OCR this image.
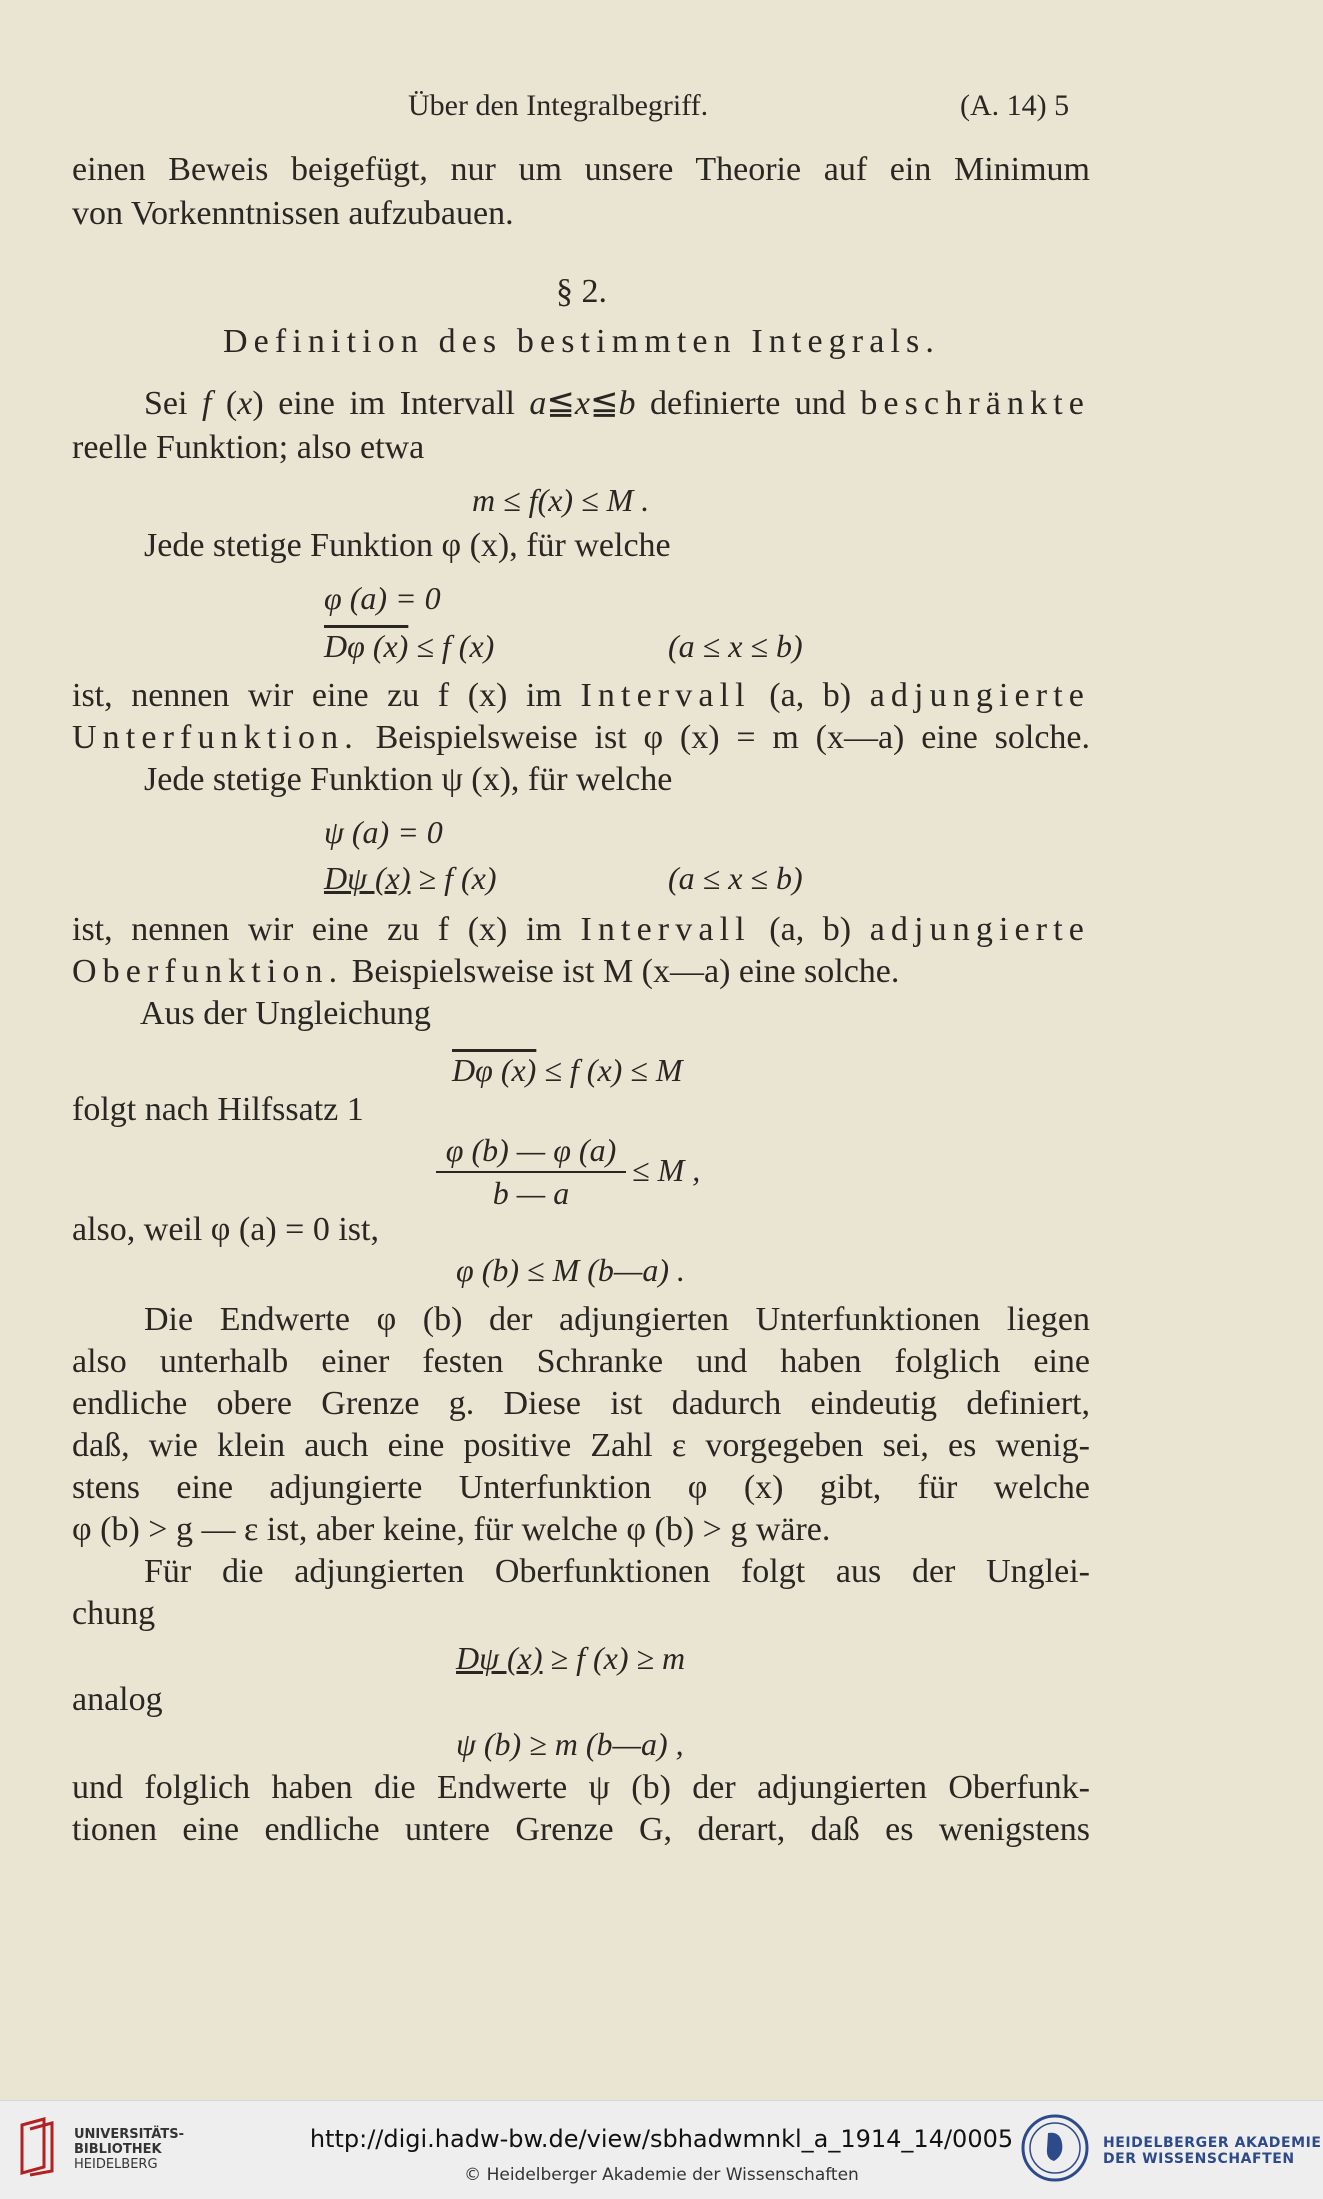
Über den Integralbegriff.	(A. 14) 5
einen Beweis beigefügt, nur um unsere Theorie auf ein Minimum
von Vorkenntnissen aufzubauen.
§ 2.
Definition des bestimmten Integrals.
Sei f (x) eine im Intervall a≦x≦b definierte und beschränkte
reelle Funktion; also etwa
m ≤ f(x) ≤ M .
Jede stetige Funktion φ (x), für welche
φ (a) = 0
Dφ (x) ≤ f (x)	(a ≤ x ≤ b)
ist, nennen wir eine zu f (x) im Intervall (a, b) adjungierte
Unterfunktion. Beispielsweise ist φ (x) = m (x—a) eine solche.
Jede stetige Funktion ψ (x), für welche
ψ (a) = 0
Dψ (x) ≥ f (x)	(a ≤ x ≤ b)
ist, nennen wir eine zu f (x) im Intervall (a, b) adjungierte
Oberfunktion. Beispielsweise ist M (x—a) eine solche.
Aus der Ungleichung
Dφ (x) ≤ f (x) ≤ M
folgt nach Hilfssatz 1
$\frac{\varphi (b) — \varphi (a)}{b — a} \le M$ ,
also, weil φ (a) = 0 ist,
φ (b) ≤ M (b—a) .
Die Endwerte φ (b) der adjungierten Unterfunktionen liegen
also unterhalb einer festen Schranke und haben folglich eine
endliche obere Grenze g. Diese ist dadurch eindeutig definiert,
daß, wie klein auch eine positive Zahl ε vorgegeben sei, es wenig-
stens eine adjungierte Unterfunktion φ (x) gibt, für welche
φ (b) > g — ε ist, aber keine, für welche φ (b) > g wäre.
Für die adjungierten Oberfunktionen folgt aus der Unglei-
chung
Dψ (x) ≥ f (x) ≥ m
analog
ψ (b) ≥ m (b—a) ,
und folglich haben die Endwerte ψ (b) der adjungierten Oberfunk-
tionen eine endliche untere Grenze G, derart, daß es wenigstens
UNIVERSITÄTS-
BIBLIOTHEK
HEIDELBERG
http://digi.hadw-bw.de/view/sbhadwmnkl_a_1914_14/0005
© Heidelberger Akademie der Wissenschaften
HEIDELBERGER AKADEMIE
DER WISSENSCHAFTEN
